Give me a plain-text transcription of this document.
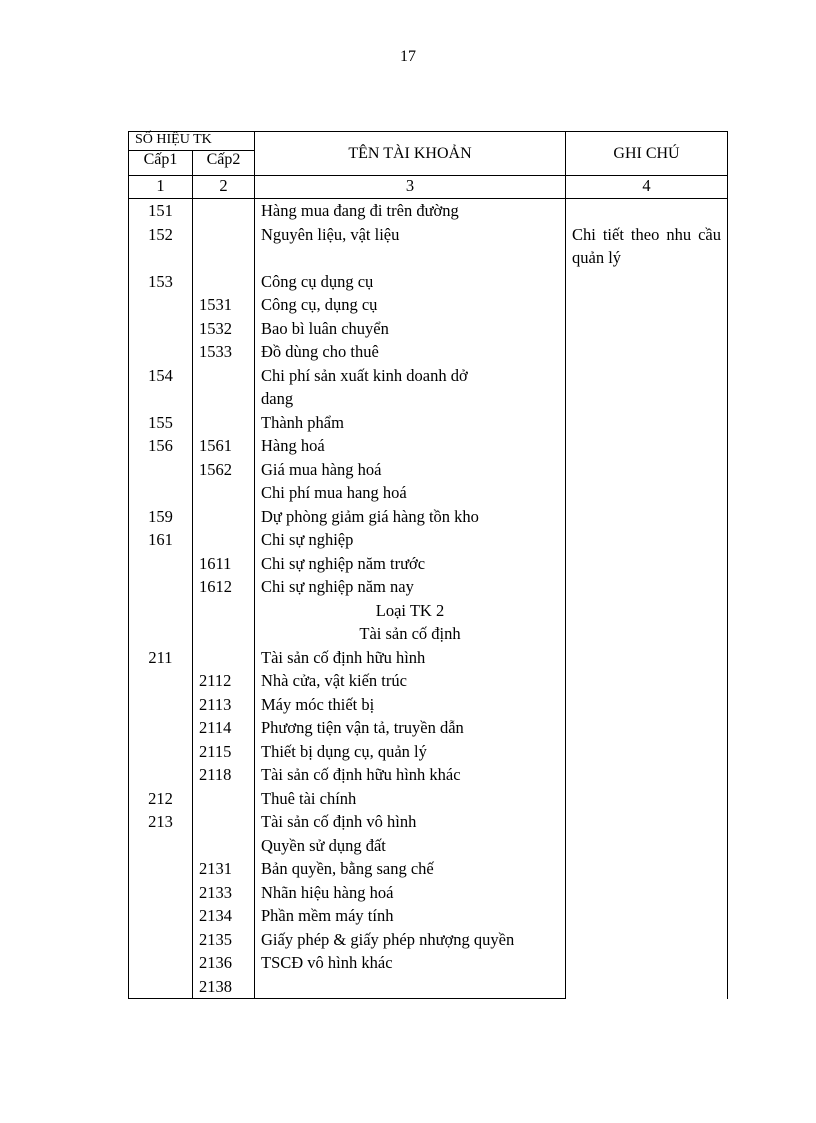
17
SỐ HIỆU TK		TÊN TÀI KHOẢN	GHI CHÚ
Cấp1	Cấp2		
1	2	3	4
151		Hàng mua đang đi trên đường	
152		Nguyên liệu, vật liệu	Chi tiết theo nhu cầu quản lý

153		Công cụ dụng cụ	
	1531	Công cụ, dụng cụ	
	1532	Bao bì luân chuyển	
	1533	Đồ dùng cho thuê	
154		Chi phí sản xuất kinh doanh dở	
		dang	
155		Thành phẩm	
156	1561	Hàng hoá	
	1562	Giá mua hàng hoá	
		Chi phí mua hang hoá	
159		Dự phòng giảm giá hàng tồn kho	
161		Chi sự nghiệp	
	1611	Chi sự nghiệp năm trước	
	1612	Chi sự nghiệp năm nay	
		Loại TK 2	
		Tài sản cố định	
211		Tài sản cố định hữu hình	
	2112	Nhà cửa, vật kiến trúc	
	2113	Máy móc thiết bị	
	2114	Phương tiện vận tả, truyền dẫn	
	2115	Thiết bị dụng cụ, quản lý	
	2118	Tài sản cố định hữu hình khác	
212		Thuê tài chính	
213		Tài sản cố định vô hình	
		Quyền sử dụng đất	
	2131	Bản quyền, bằng sang chế	
	2133	Nhãn hiệu hàng hoá	
	2134	Phần mềm máy tính	
	2135	Giấy phép & giấy phép nhượng quyền	
	2136	TSCĐ vô hình khác	
	2138		
